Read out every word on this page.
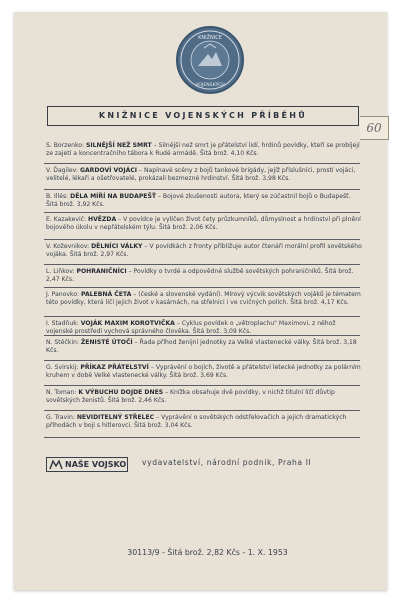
KNIŽNICE
VOJENSKÝCH
KNIŽNICE VOJENSKÝCH PŘÍBĚHŮ
60
S. Borzenko: SILNĚJŠÍ NEŽ SMRT – Silnější než smrt je přátelství lidí, hrdinů povídky, kteří se probíjejí ze zajetí a koncentračního tábora k Rudé armádě. Šitá brož. 4,10 Kčs.
V. Ďagilev: GARDOVÍ VOJÁCI – Napínavé scény z bojů tankové brigády, jejíž příslušníci, prostí vojáci, velitelé, lékaři a ošetřovatelé, prokázali bezmezné hrdinství. Šitá brož. 3,98 Kčs.
B. Illés: DĚLA MÍŘÍ NA BUDAPEŠŤ – Bojové zkušenosti autora, který se zúčastnil bojů o Budapešť. Šitá brož. 3,92 Kčs.
E. Kazakevič: HVĚZDA – V povídce je vylíčen život čety průzkumníků, důmyslnost a hrdinství při plnění bojového úkolu v nepřátelském týlu. Šitá brož. 2,06 Kčs.
V. Koževnikov: DĚLNÍCI VÁLKY – V povídkách z fronty přibližuje autor čtenáři morální profil sovětského vojáka. Šitá brož. 2,97 Kčs.
L. Liňkov: POHRANIČNÍCI – Povídky o tvrdé a odpovědné službě sovětských pohraničníků. Šitá brož. 2,47 Kčs.
J. Panovko: PALEBNÁ ČETA – (české a slovenské vydání). Mírový výcvik sovětských vojáků je tématem této povídky, která líčí jejich život v kasárnách, na střelnici i ve cvičných polích. Šitá brož. 4,17 Kčs.
I. Stadňuk: VOJÁK MAXIM KOROTVIČKA – Cyklus povídek o „větroplachu" Maximovi, z něhož vojenské prostředí vychová správného člověka. Šitá brož. 3,09 Kčs.
N. Stěčkin: ŽENISTÉ ÚTOČÍ – Řada příhod ženijní jednotky za Velké vlastenecké války. Šitá brož. 3,18 Kčs.
G. Svirskij: PŘÍKAZ PŘÁTELSTVÍ – Vyprávění o bojích, životě a přátelství letecké jednotky za polárním kruhem v době Velké vlastenecké války. Šitá brož. 3,69 Kčs.
N. Toman: K VÝBUCHU DOJDE DNES – Knížka obsahuje dvě povídky, v nichž titulní líčí důvtip sovětských ženistů. Šitá brož. 2,46 Kčs.
G. Travin: NEVIDITELNÝ STŘELEC – Vyprávění o sovětských odstřelovačích a jejich dramatických příhodách v boji s hitlerovci. Šitá brož. 3,04 Kčs.
NAŠE VOJSKO vydavatelství, národní podnik, Praha II
30113/9 - Šitá brož. 2,82 Kčs - 1. X. 1953
